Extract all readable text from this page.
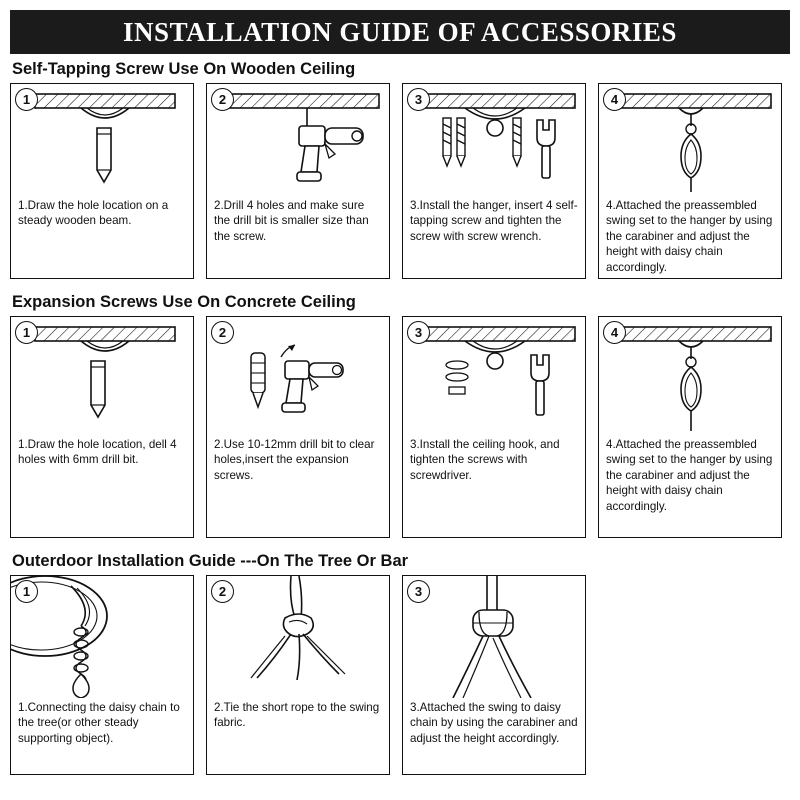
INSTALLATION GUIDE OF ACCESSORIES
Self-Tapping Screw Use On Wooden Ceiling
1
1.Draw the hole location on a steady wooden beam.
2
2.Drill 4 holes and make sure the drill bit is smaller size than the screw.
3
3.Install the hanger, insert 4 self-tapping screw and tighten the screw with screw wrench.
4
4.Attached the preassembled swing set to the hanger by using the carabiner and adjust the height with daisy chain accordingly.
Expansion Screws Use On Concrete Ceiling
1
1.Draw the hole location, dell 4 holes with 6mm drill bit.
2
2.Use 10-12mm drill bit to clear holes,insert the expansion screws.
3
3.Install the ceiling hook, and tighten the screws with screwdriver.
4
4.Attached the preassembled swing set to the hanger by using the carabiner and adjust the height with daisy chain accordingly.
Outerdoor Installation Guide ---On The Tree Or Bar
1
1.Connecting the daisy chain to the tree(or other steady supporting object).
2
2.Tie the short rope to the swing fabric.
3
3.Attached the swing to daisy chain by using the carabiner and adjust the height accordingly.
